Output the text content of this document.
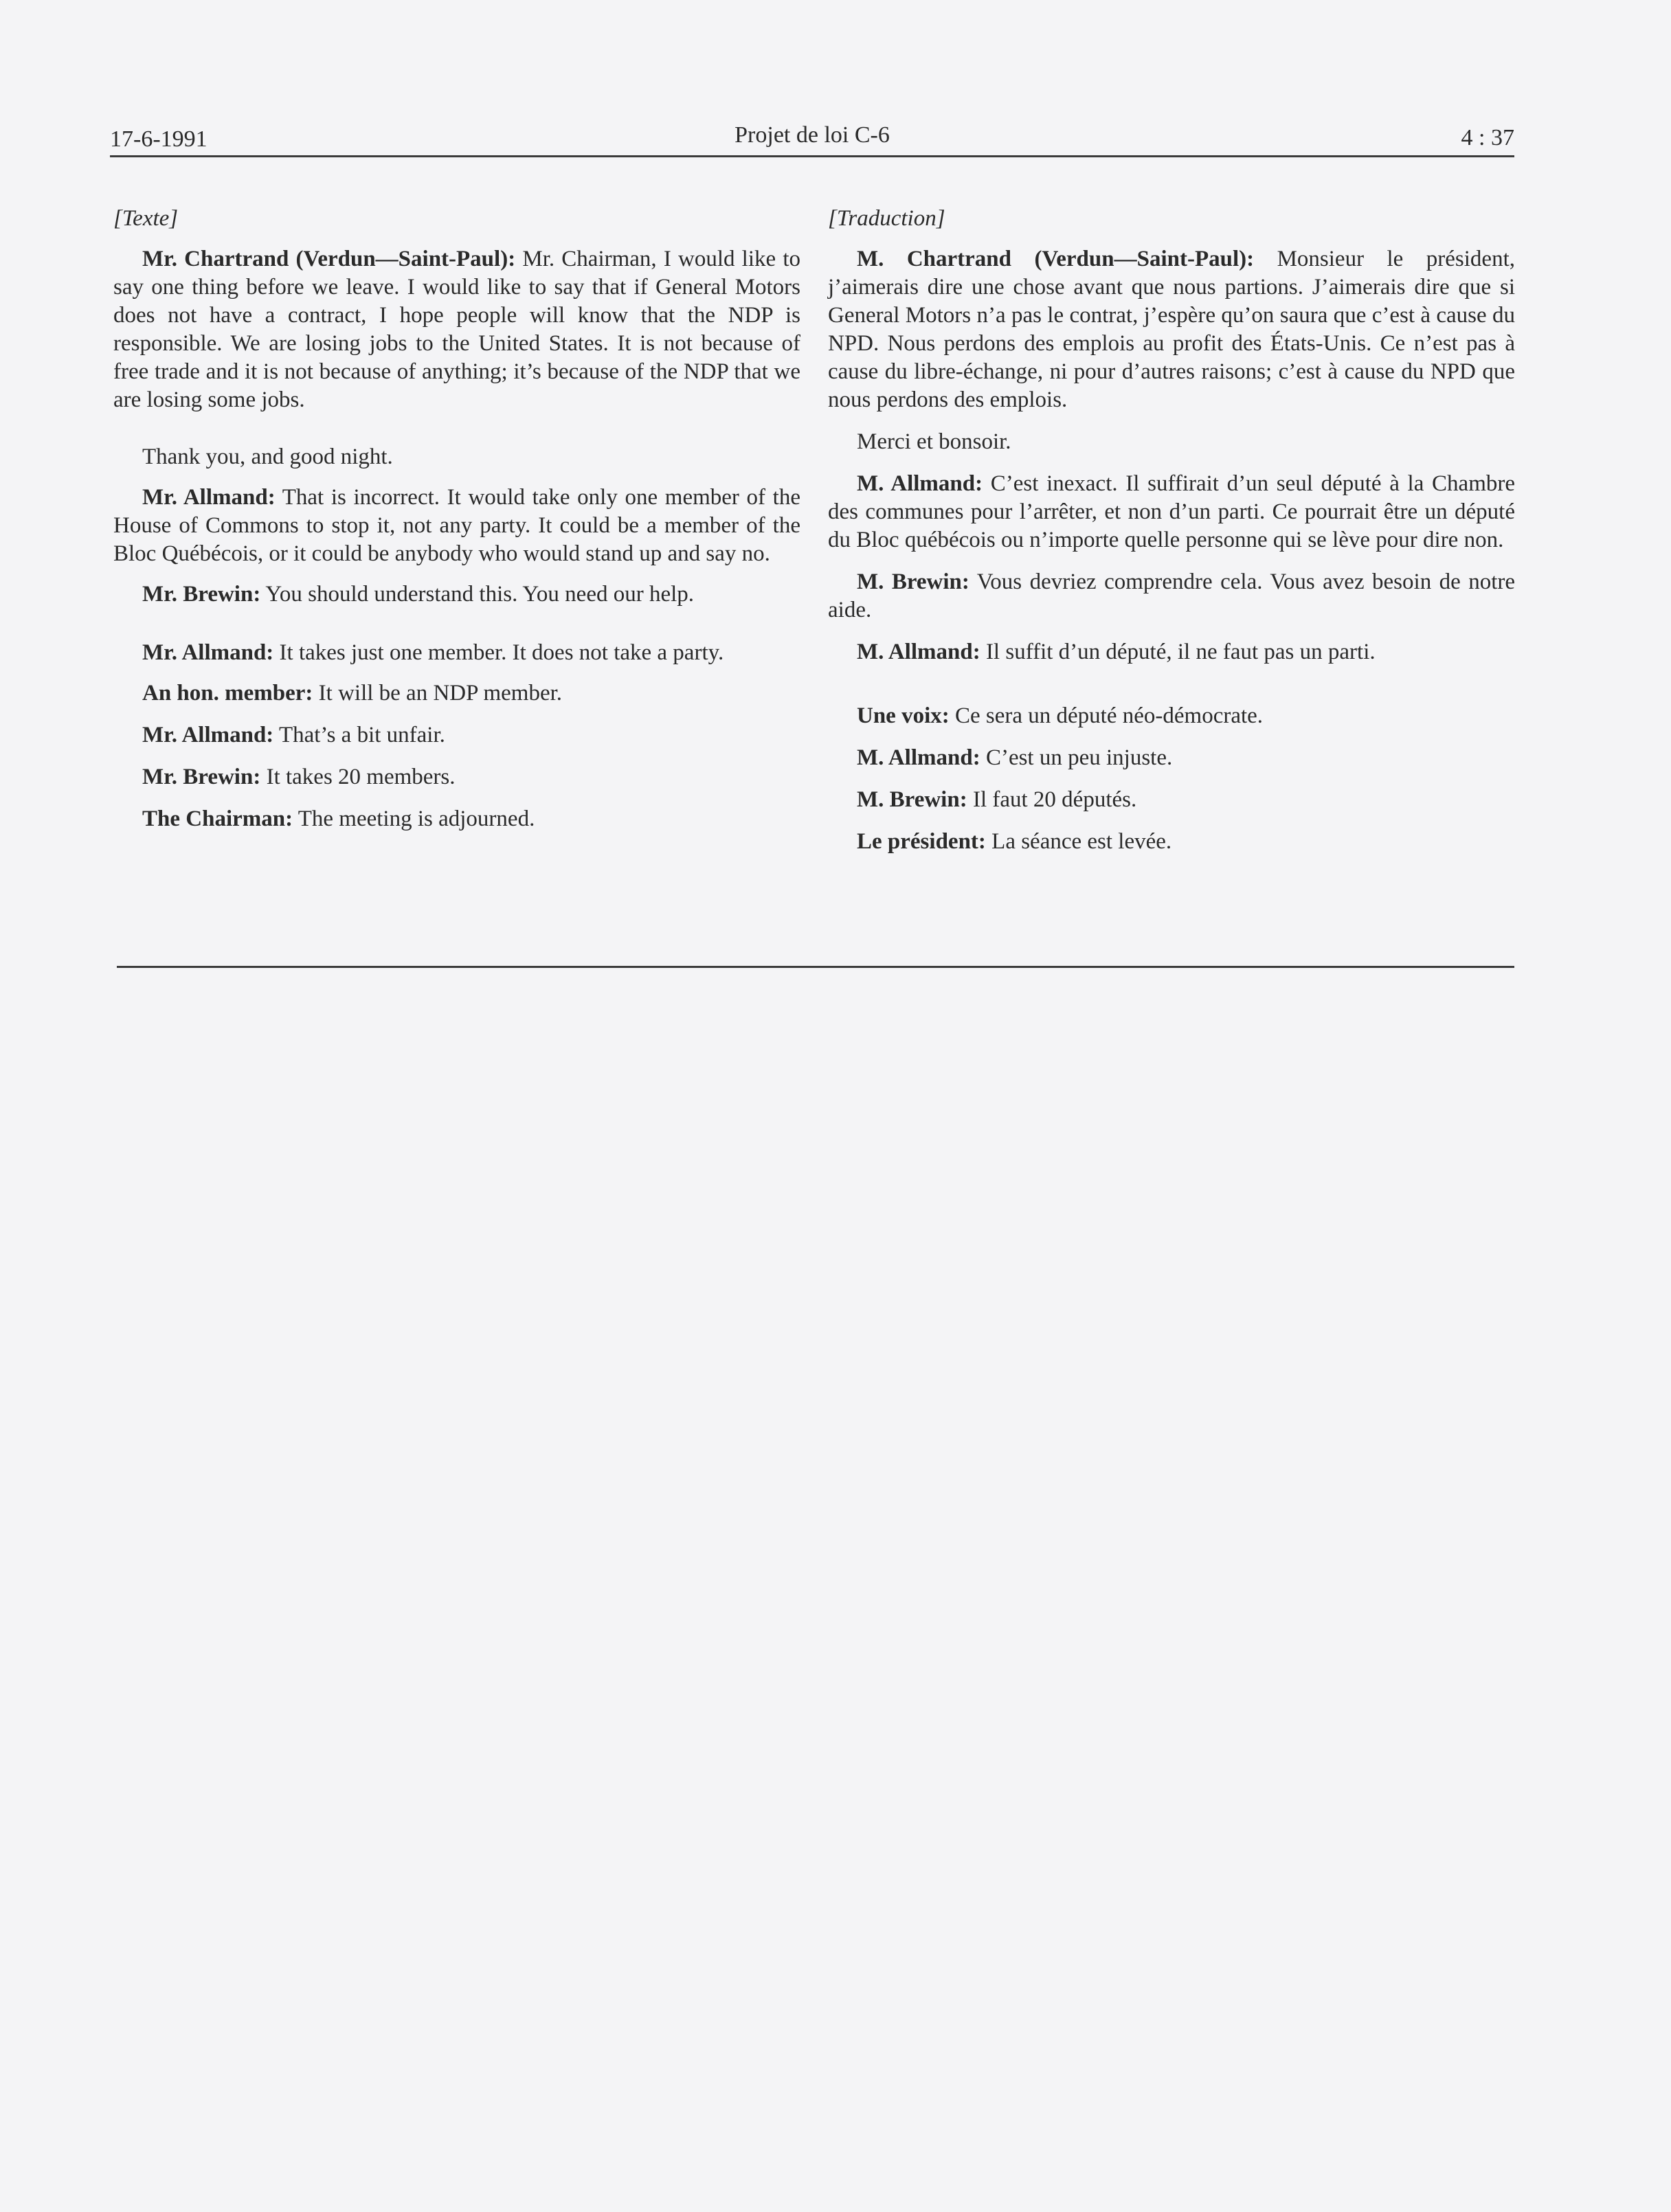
17-6-1991	Projet de loi C-6	4 : 37

[Texte]

Mr. Chartrand (Verdun—Saint-Paul): Mr. Chairman, I would like to say one thing before we leave. I would like to say that if General Motors does not have a contract, I hope people will know that the NDP is responsible. We are losing jobs to the United States. It is not because of free trade and it is not because of anything; it’s because of the NDP that we are losing some jobs.

Thank you, and good night.

Mr. Allmand: That is incorrect. It would take only one member of the House of Commons to stop it, not any party. It could be a member of the Bloc Québécois, or it could be anybody who would stand up and say no.

Mr. Brewin: You should understand this. You need our help.

Mr. Allmand: It takes just one member. It does not take a party.

An hon. member: It will be an NDP member.

Mr. Allmand: That’s a bit unfair.

Mr. Brewin: It takes 20 members.

The Chairman: The meeting is adjourned.

[Traduction]

M. Chartrand (Verdun—Saint-Paul): Monsieur le président, j’aimerais dire une chose avant que nous partions. J’aimerais dire que si General Motors n’a pas le contrat, j’espère qu’on saura que c’est à cause du NPD. Nous perdons des emplois au profit des États-Unis. Ce n’est pas à cause du libre-échange, ni pour d’autres raisons; c’est à cause du NPD que nous perdons des emplois.

Merci et bonsoir.

M. Allmand: C’est inexact. Il suffirait d’un seul député à la Chambre des communes pour l’arrêter, et non d’un parti. Ce pourrait être un député du Bloc québécois ou n’importe quelle personne qui se lève pour dire non.

M. Brewin: Vous devriez comprendre cela. Vous avez besoin de notre aide.

M. Allmand: Il suffit d’un député, il ne faut pas un parti.

Une voix: Ce sera un député néo-démocrate.

M. Allmand: C’est un peu injuste.

M. Brewin: Il faut 20 députés.

Le président: La séance est levée.
